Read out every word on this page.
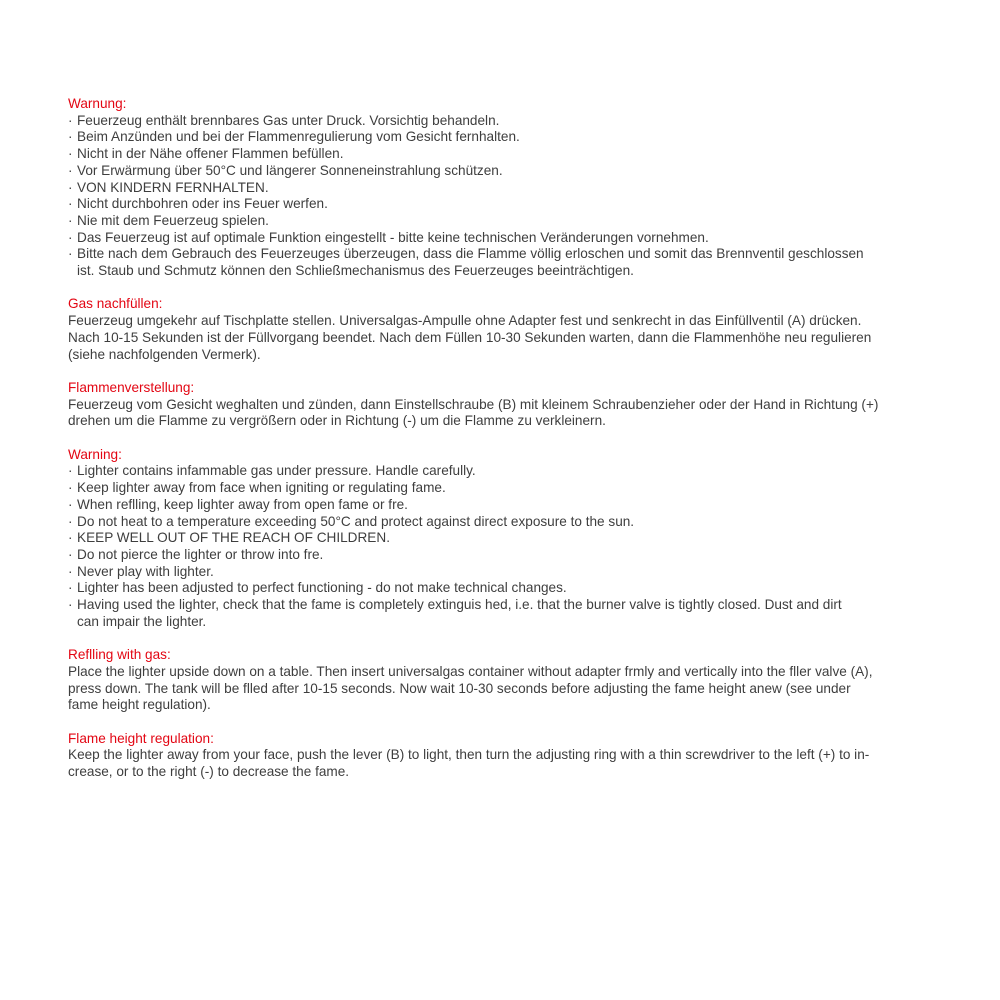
Warnung:
· Feuerzeug enthält brennbares Gas unter Druck. Vorsichtig behandeln.
· Beim Anzünden und bei der Flammenregulierung vom Gesicht fernhalten.
· Nicht in der Nähe offener Flammen befüllen.
· Vor Erwärmung über 50°C und längerer Sonneneinstrahlung schützen.
· VON KINDERN FERNHALTEN.
· Nicht durchbohren oder ins Feuer werfen.
· Nie mit dem Feuerzeug spielen.
· Das Feuerzeug ist auf optimale Funktion eingestellt - bitte keine technischen Veränderungen vornehmen.
· Bitte nach dem Gebrauch des Feuerzeuges überzeugen, dass die Flamme völlig erloschen und somit das Brennventil geschlossen
ist. Staub und Schmutz können den Schließmechanismus des Feuerzeuges beeinträchtigen.
Gas nachfüllen:
Feuerzeug umgekehr auf Tischplatte stellen. Universalgas-Ampulle ohne Adapter fest und senkrecht in das Einfüllventil (A) drücken.
Nach 10-15 Sekunden ist der Füllvorgang beendet. Nach dem Füllen 10-30 Sekunden warten, dann die Flammenhöhe neu regulieren
(siehe nachfolgenden Vermerk).
Flammenverstellung:
Feuerzeug vom Gesicht weghalten und zünden, dann Einstellschraube (B) mit kleinem Schraubenzieher oder der Hand in Richtung (+)
drehen um die Flamme zu vergrößern oder in Richtung (-) um die Flamme zu verkleinern.
Warning:
· Lighter contains infammable gas under pressure. Handle carefully.
· Keep lighter away from face when igniting or regulating fame.
· When reflling, keep lighter away from open fame or fre.
· Do not heat to a temperature exceeding 50°C and protect against direct exposure to the sun.
· KEEP WELL OUT OF THE REACH OF CHILDREN.
· Do not pierce the lighter or throw into fre.
· Never play with lighter.
· Lighter has been adjusted to perfect functioning - do not make technical changes.
· Having used the lighter, check that the fame is completely extinguis hed, i.e. that the burner valve is tightly closed. Dust and dirt
can impair the lighter.
Reflling with gas:
Place the lighter upside down on a table. Then insert universalgas container without adapter frmly and vertically into the fller valve (A),
press down. The tank will be flled after 10-15 seconds. Now wait 10-30 seconds before adjusting the fame height anew (see under
fame height regulation).
Flame height regulation:
Keep the lighter away from your face, push the lever (B) to light, then turn the adjusting ring with a thin screwdriver to the left (+) to in-
crease, or to the right (-) to decrease the fame.
